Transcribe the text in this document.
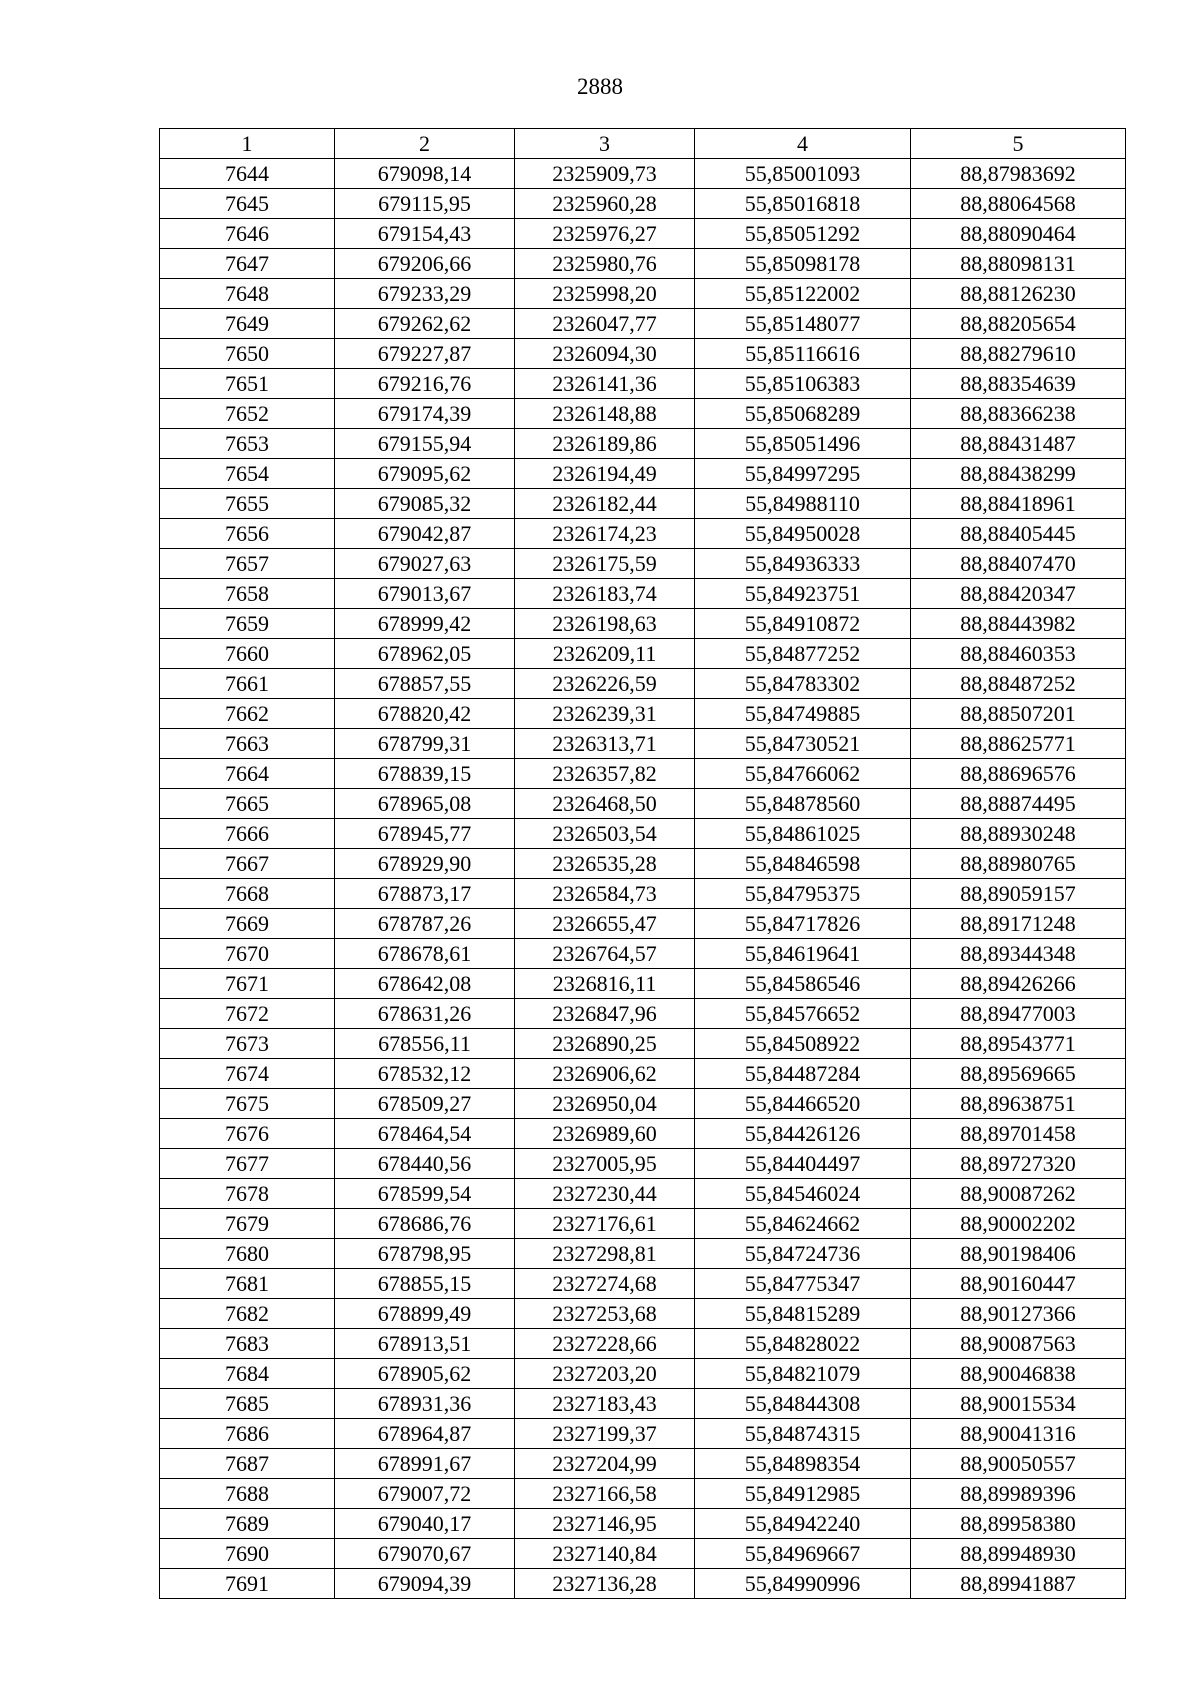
2888
1	2	3	4	5
7644	679098,14	2325909,73	55,85001093	88,87983692
7645	679115,95	2325960,28	55,85016818	88,88064568
7646	679154,43	2325976,27	55,85051292	88,88090464
7647	679206,66	2325980,76	55,85098178	88,88098131
7648	679233,29	2325998,20	55,85122002	88,88126230
7649	679262,62	2326047,77	55,85148077	88,88205654
7650	679227,87	2326094,30	55,85116616	88,88279610
7651	679216,76	2326141,36	55,85106383	88,88354639
7652	679174,39	2326148,88	55,85068289	88,88366238
7653	679155,94	2326189,86	55,85051496	88,88431487
7654	679095,62	2326194,49	55,84997295	88,88438299
7655	679085,32	2326182,44	55,84988110	88,88418961
7656	679042,87	2326174,23	55,84950028	88,88405445
7657	679027,63	2326175,59	55,84936333	88,88407470
7658	679013,67	2326183,74	55,84923751	88,88420347
7659	678999,42	2326198,63	55,84910872	88,88443982
7660	678962,05	2326209,11	55,84877252	88,88460353
7661	678857,55	2326226,59	55,84783302	88,88487252
7662	678820,42	2326239,31	55,84749885	88,88507201
7663	678799,31	2326313,71	55,84730521	88,88625771
7664	678839,15	2326357,82	55,84766062	88,88696576
7665	678965,08	2326468,50	55,84878560	88,88874495
7666	678945,77	2326503,54	55,84861025	88,88930248
7667	678929,90	2326535,28	55,84846598	88,88980765
7668	678873,17	2326584,73	55,84795375	88,89059157
7669	678787,26	2326655,47	55,84717826	88,89171248
7670	678678,61	2326764,57	55,84619641	88,89344348
7671	678642,08	2326816,11	55,84586546	88,89426266
7672	678631,26	2326847,96	55,84576652	88,89477003
7673	678556,11	2326890,25	55,84508922	88,89543771
7674	678532,12	2326906,62	55,84487284	88,89569665
7675	678509,27	2326950,04	55,84466520	88,89638751
7676	678464,54	2326989,60	55,84426126	88,89701458
7677	678440,56	2327005,95	55,84404497	88,89727320
7678	678599,54	2327230,44	55,84546024	88,90087262
7679	678686,76	2327176,61	55,84624662	88,90002202
7680	678798,95	2327298,81	55,84724736	88,90198406
7681	678855,15	2327274,68	55,84775347	88,90160447
7682	678899,49	2327253,68	55,84815289	88,90127366
7683	678913,51	2327228,66	55,84828022	88,90087563
7684	678905,62	2327203,20	55,84821079	88,90046838
7685	678931,36	2327183,43	55,84844308	88,90015534
7686	678964,87	2327199,37	55,84874315	88,90041316
7687	678991,67	2327204,99	55,84898354	88,90050557
7688	679007,72	2327166,58	55,84912985	88,89989396
7689	679040,17	2327146,95	55,84942240	88,89958380
7690	679070,67	2327140,84	55,84969667	88,89948930
7691	679094,39	2327136,28	55,84990996	88,89941887
